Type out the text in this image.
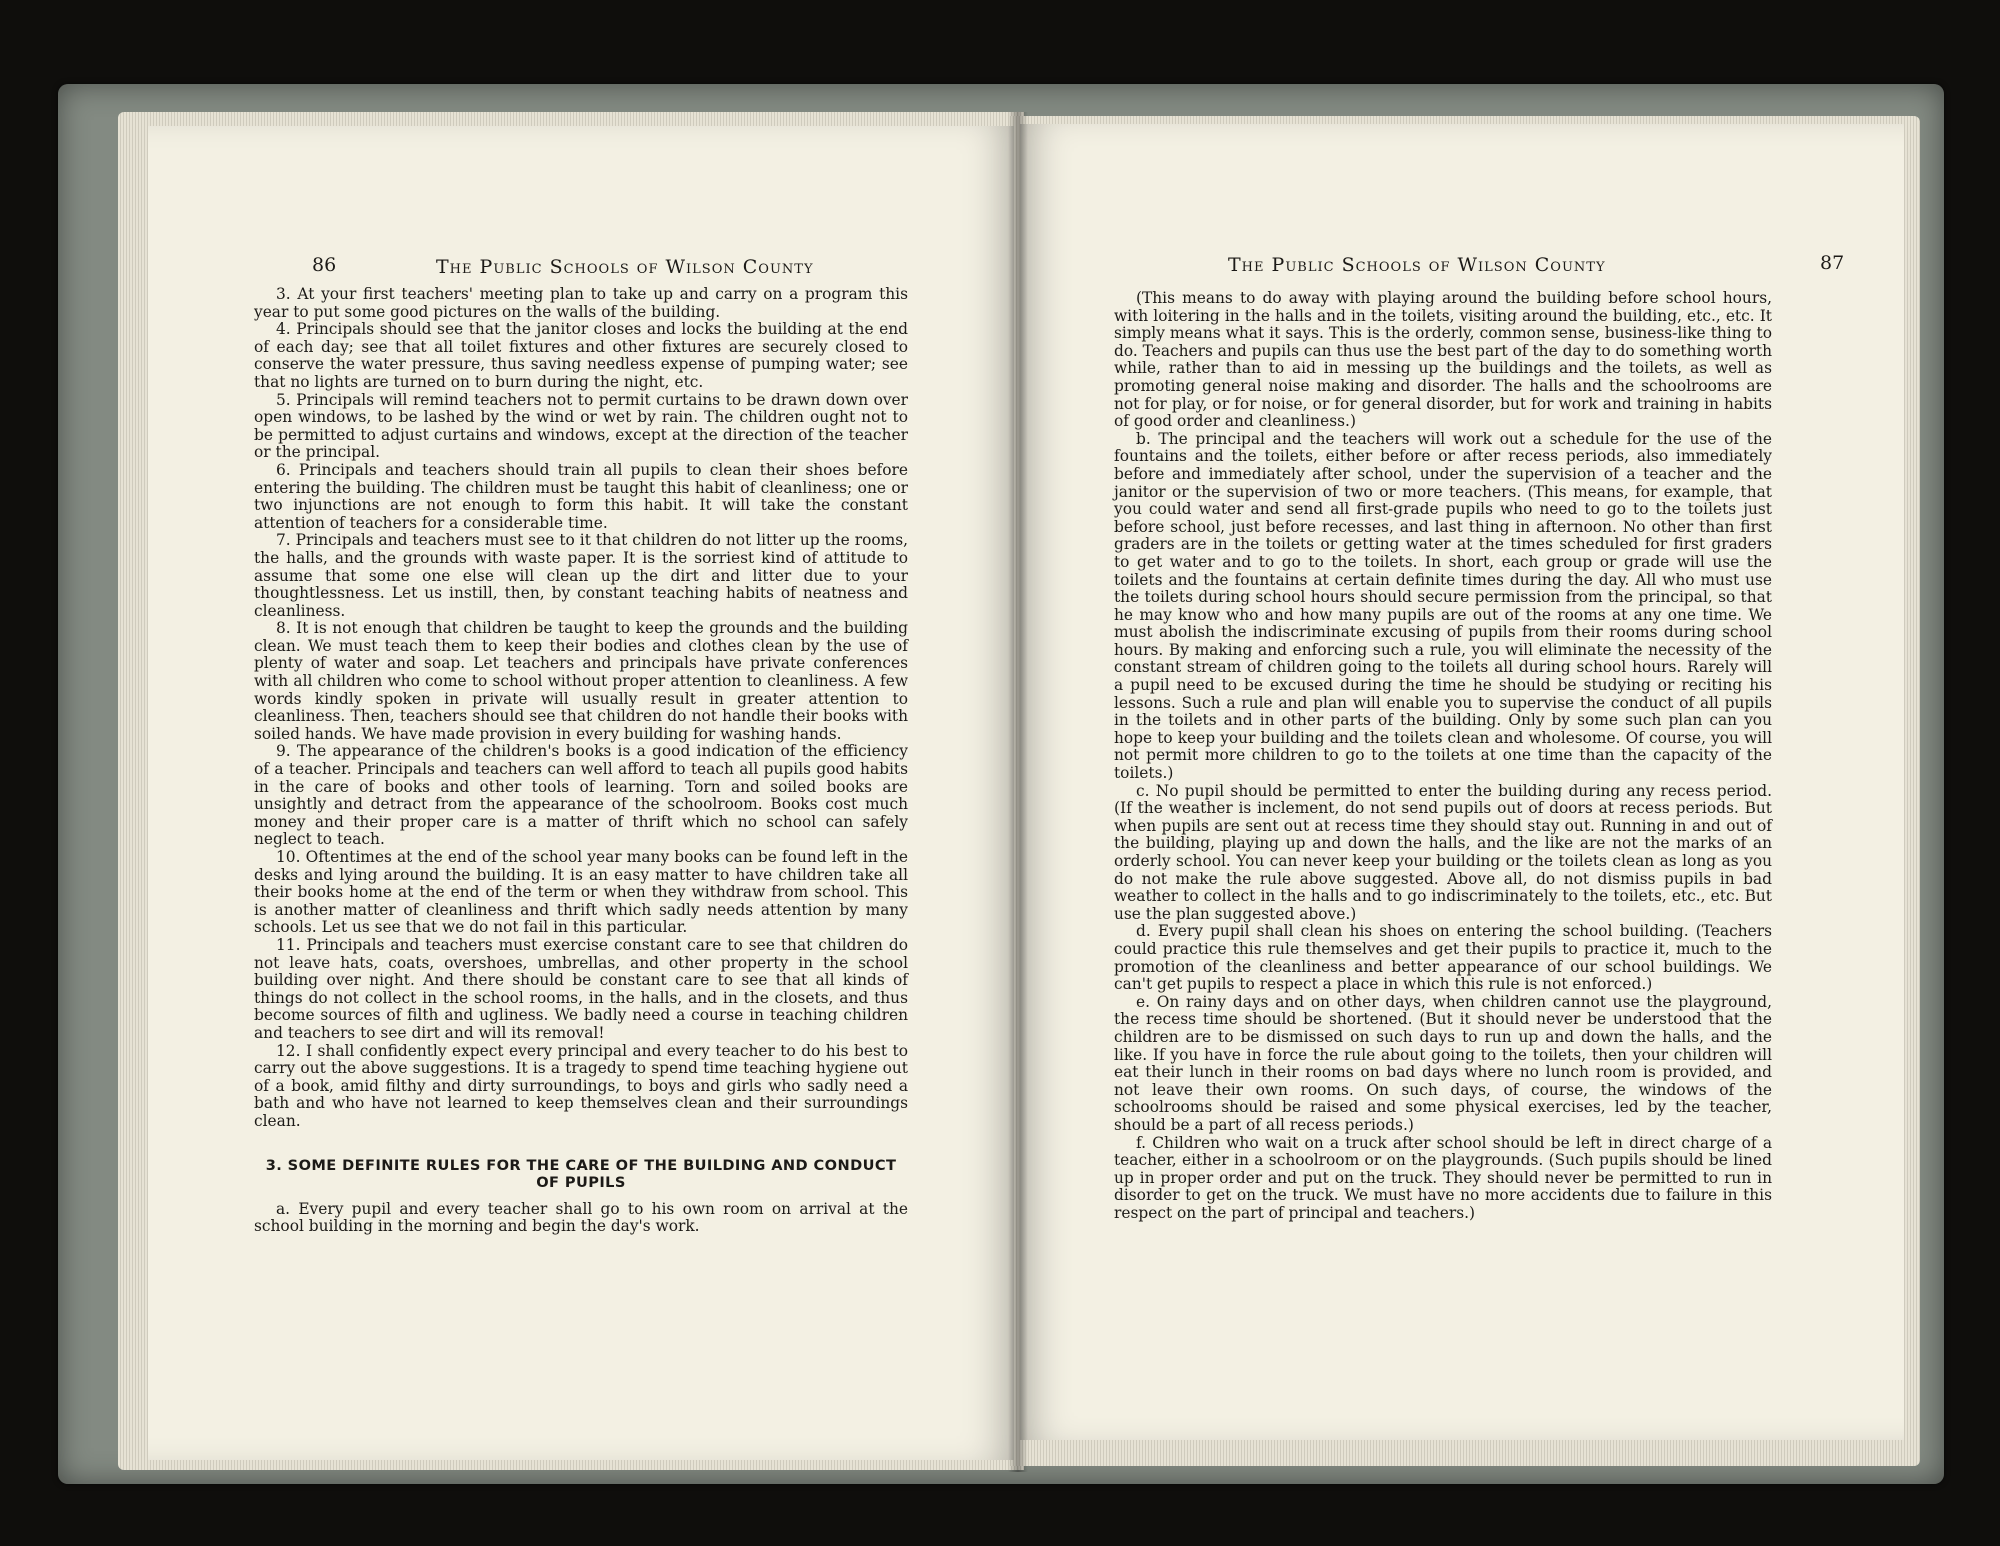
86	The Public Schools of Wilson County

3. At your first teachers' meeting plan to take up and carry on a program this year to put some good pictures on the walls of the building.

4. Principals should see that the janitor closes and locks the building at the end of each day; see that all toilet fixtures and other fixtures are securely closed to conserve the water pressure, thus saving needless expense of pumping water; see that no lights are turned on to burn during the night, etc.

5. Principals will remind teachers not to permit curtains to be drawn down over open windows, to be lashed by the wind or wet by rain. The children ought not to be permitted to adjust curtains and windows, except at the direction of the teacher or the principal.

6. Principals and teachers should train all pupils to clean their shoes before entering the building. The children must be taught this habit of cleanliness; one or two injunctions are not enough to form this habit. It will take the constant attention of teachers for a considerable time.

7. Principals and teachers must see to it that children do not litter up the rooms, the halls, and the grounds with waste paper. It is the sorriest kind of attitude to assume that some one else will clean up the dirt and litter due to your thoughtlessness. Let us instill, then, by constant teaching habits of neatness and cleanliness.

8. It is not enough that children be taught to keep the grounds and the building clean. We must teach them to keep their bodies and clothes clean by the use of plenty of water and soap. Let teachers and principals have private conferences with all children who come to school without proper attention to cleanliness. A few words kindly spoken in private will usually result in greater attention to cleanliness. Then, teachers should see that children do not handle their books with soiled hands. We have made provision in every building for washing hands.

9. The appearance of the children's books is a good indication of the efficiency of a teacher. Principals and teachers can well afford to teach all pupils good habits in the care of books and other tools of learning. Torn and soiled books are unsightly and detract from the appearance of the schoolroom. Books cost much money and their proper care is a matter of thrift which no school can safely neglect to teach.

10. Oftentimes at the end of the school year many books can be found left in the desks and lying around the building. It is an easy matter to have children take all their books home at the end of the term or when they withdraw from school. This is another matter of cleanliness and thrift which sadly needs attention by many schools. Let us see that we do not fail in this particular.

11. Principals and teachers must exercise constant care to see that children do not leave hats, coats, overshoes, umbrellas, and other property in the school building over night. And there should be constant care to see that all kinds of things do not collect in the school rooms, in the halls, and in the closets, and thus become sources of filth and ugliness. We badly need a course in teaching children and teachers to see dirt and will its removal!

12. I shall confidently expect every principal and every teacher to do his best to carry out the above suggestions. It is a tragedy to spend time teaching hygiene out of a book, amid filthy and dirty surroundings, to boys and girls who sadly need a bath and who have not learned to keep themselves clean and their surroundings clean.

3. SOME DEFINITE RULES FOR THE CARE OF THE BUILDING AND CONDUCT OF PUPILS

a. Every pupil and every teacher shall go to his own room on arrival at the school building in the morning and begin the day's work.

The Public Schools of Wilson County	87

(This means to do away with playing around the building before school hours, with loitering in the halls and in the toilets, visiting around the building, etc., etc. It simply means what it says. This is the orderly, common sense, business-like thing to do. Teachers and pupils can thus use the best part of the day to do something worth while, rather than to aid in messing up the buildings and the toilets, as well as promoting general noise making and disorder. The halls and the schoolrooms are not for play, or for noise, or for general disorder, but for work and training in habits of good order and cleanliness.)

b. The principal and the teachers will work out a schedule for the use of the fountains and the toilets, either before or after recess periods, also immediately before and immediately after school, under the supervision of a teacher and the janitor or the supervision of two or more teachers. (This means, for example, that you could water and send all first-grade pupils who need to go to the toilets just before school, just before recesses, and last thing in afternoon. No other than first graders are in the toilets or getting water at the times scheduled for first graders to get water and to go to the toilets. In short, each group or grade will use the toilets and the fountains at certain definite times during the day. All who must use the toilets during school hours should secure permission from the principal, so that he may know who and how many pupils are out of the rooms at any one time. We must abolish the indiscriminate excusing of pupils from their rooms during school hours. By making and enforcing such a rule, you will eliminate the necessity of the constant stream of children going to the toilets all during school hours. Rarely will a pupil need to be excused during the time he should be studying or reciting his lessons. Such a rule and plan will enable you to supervise the conduct of all pupils in the toilets and in other parts of the building. Only by some such plan can you hope to keep your building and the toilets clean and wholesome. Of course, you will not permit more children to go to the toilets at one time than the capacity of the toilets.)

c. No pupil should be permitted to enter the building during any recess period. (If the weather is inclement, do not send pupils out of doors at recess periods. But when pupils are sent out at recess time they should stay out. Running in and out of the building, playing up and down the halls, and the like are not the marks of an orderly school. You can never keep your building or the toilets clean as long as you do not make the rule above suggested. Above all, do not dismiss pupils in bad weather to collect in the halls and to go indiscriminately to the toilets, etc., etc. But use the plan suggested above.)

d. Every pupil shall clean his shoes on entering the school building. (Teachers could practice this rule themselves and get their pupils to practice it, much to the promotion of the cleanliness and better appearance of our school buildings. We can't get pupils to respect a place in which this rule is not enforced.)

e. On rainy days and on other days, when children cannot use the playground, the recess time should be shortened. (But it should never be understood that the children are to be dismissed on such days to run up and down the halls, and the like. If you have in force the rule about going to the toilets, then your children will eat their lunch in their rooms on bad days where no lunch room is provided, and not leave their own rooms. On such days, of course, the windows of the schoolrooms should be raised and some physical exercises, led by the teacher, should be a part of all recess periods.)

f. Children who wait on a truck after school should be left in direct charge of a teacher, either in a schoolroom or on the playgrounds. (Such pupils should be lined up in proper order and put on the truck. They should never be permitted to run in disorder to get on the truck. We must have no more accidents due to failure in this respect on the part of principal and teachers.)
